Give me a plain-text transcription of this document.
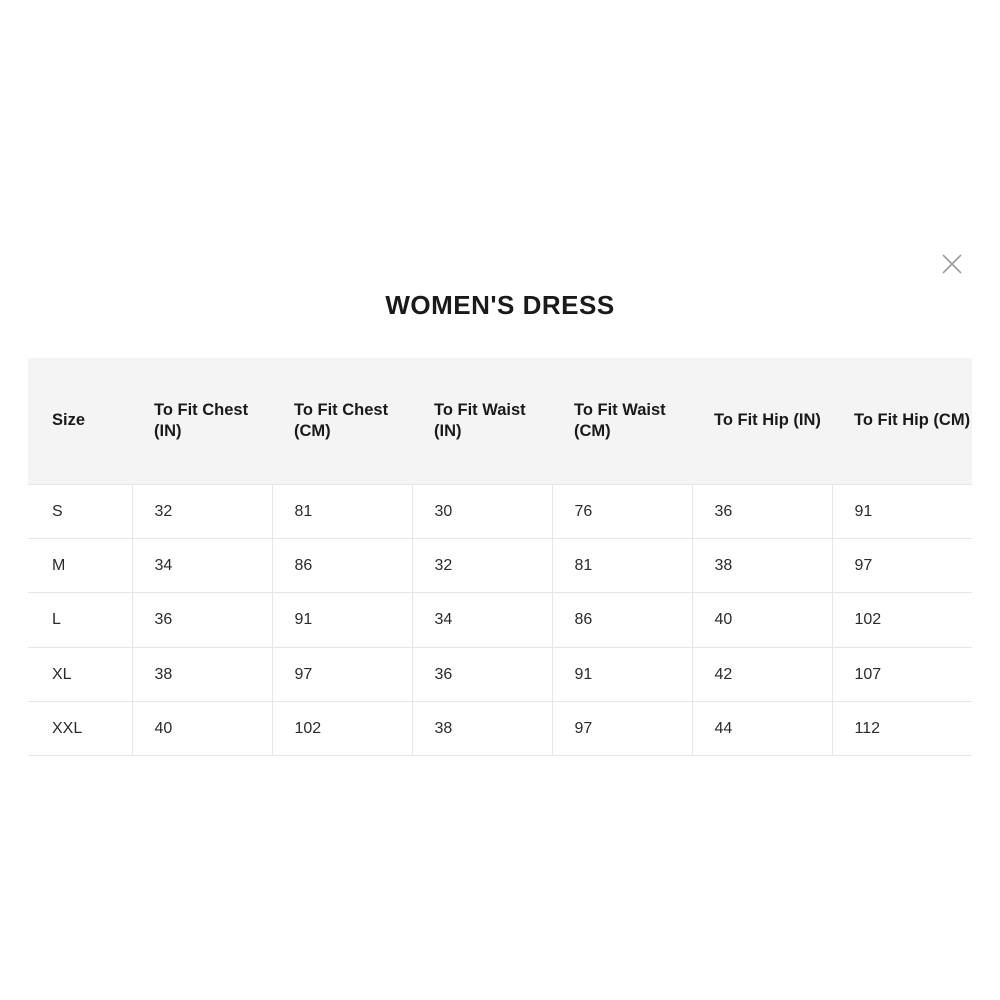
WOMEN'S DRESS
Size	To Fit Chest (IN)	To Fit Chest (CM)	To Fit Waist (IN)	To Fit Waist (CM)	To Fit Hip (IN)	To Fit Hip (CM)
S	32	81	30	76	36	91
M	34	86	32	81	38	97
L	36	91	34	86	40	102
XL	38	97	36	91	42	107
XXL	40	102	38	97	44	112
